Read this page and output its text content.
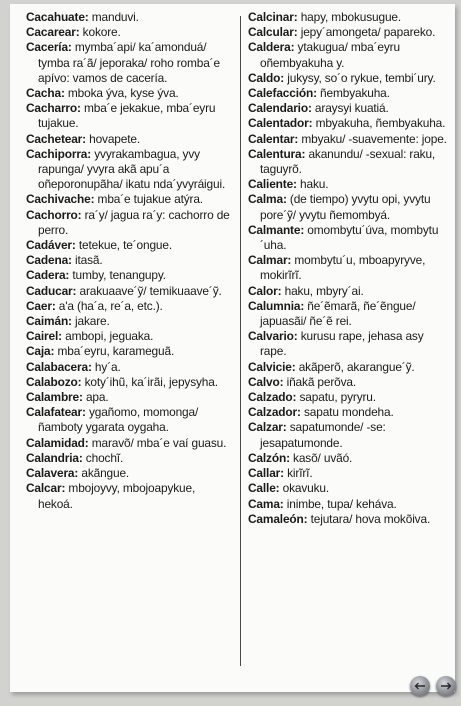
Cacahuate: manduvi.

Cacarear: kokore.

Cacería: mymba´api/ ka´amonduá/ tymba ra´ã/ jeporaka/ roho romba´e apívo: vamos de cacería.

Cacha: mboka ýva, kyse ýva.

Cacharro: mba´e jekakue, mba´eyru tujakue.

Cachetear: hovapete.

Cachiporra: yvyrakambagua, yvy rapunga/ yvyra akã apu´a oñeporonupãha/ ikatu nda´yvyráigui.

Cachivache: mba´e tujakue atýra.

Cachorro: ra´y/ jagua ra´y: cachorro de perro.

Cadáver: tetekue, te´ongue.

Cadena: itasã.

Cadera: tumby, tenangupy.

Caducar: arakuaave´ỹ/ temikuaave´ỹ.

Caer: a'a (ha´a, re´a, etc.).

Caimán: jakare.

Cairel: ambopi, jeguaka.

Caja: mba´eyru, karameguã.

Calabacera: hy´a.

Calabozo: koty´ihũ, ka´irãi, jepysyha.

Calambre: apa.

Calafatear: ygañomo, momonga/ ñamboty ygarata oygaha.

Calamidad: maravõ/ mba´e vaí guasu.

Calandria: chochĩ.

Calavera: akãngue.

Calcar: mbojoyvy, mbojoapykue, hekoá.

Calcinar: hapy, mbokusugue.

Calcular: jepy´amongeta/ papareko.

Caldera: ytakugua/ mba´eyru oñembyakuha y.

Caldo: jukysy, so´o rykue, tembi´ury.

Calefacción: ñembyakuha.

Calendario: araysyi kuatiá.

Calentador: mbyakuha, ñembyakuha.

Calentar: mbyaku/ -suavemente: jope.

Calentura: akanundu/ -sexual: raku, taguyrõ.

Caliente: haku.

Calma: (de tiempo) yvytu opi, yvytu pore´ỹ/ yvytu ñemombyá.

Calmante: omombytu´úva, mombytu´uha.

Calmar: mombytu´u, mboapyryve, mokirĩrĩ.

Calor: haku, mbyry´ai.

Calumnia: ñe´ẽmarã, ñe´ẽngue/ japuasãi/ ñe´ẽ rei.

Calvario: kurusu rape, jehasa asy rape.

Calvicie: akãperõ, akarangue´ỹ.

Calvo: iñakã perõva.

Calzado: sapatu, pyryru.

Calzador: sapatu mondeha.

Calzar: sapatumonde/ -se: jesapatumonde.

Calzón: kasõ/ uvãó.

Callar: kirĩrĩ.

Calle: okavuku.

Cama: inimbe, tupa/ keháva.

Camaleón: tejutara/ hova mokõiva.
